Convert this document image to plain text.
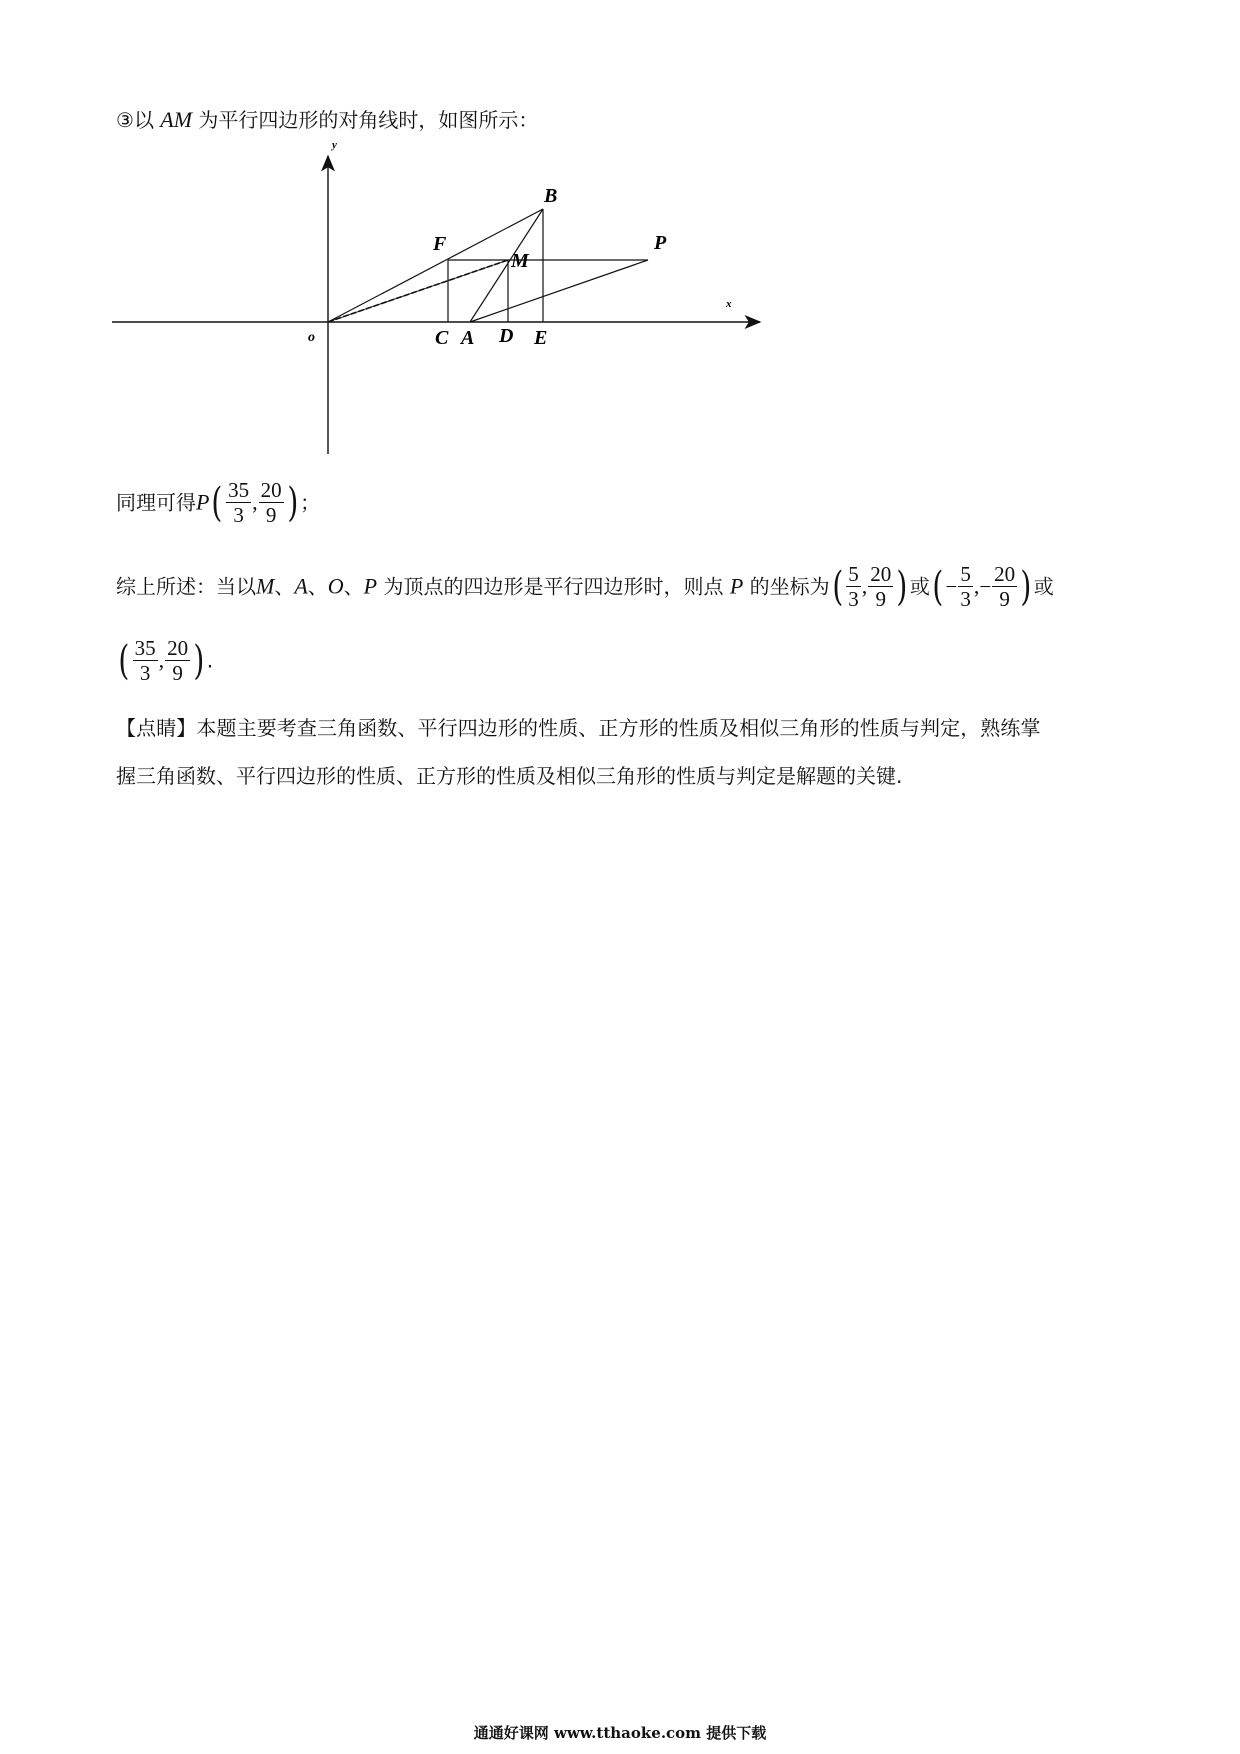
③以 AM 为平行四边形的对角线时，如图所示：
x
y
o
B
F
M
P
C A D E
同理可得$P( \frac{35}{3}$ , $\frac{20}{9}$ ) ；
综上所述：当以M、A、O、P 为顶点的四边形是平行四边形时，则点 P 的坐标为( $\frac{5}{3}$ , $\frac{20}{9}$ ) 或( − $\frac{5}{3}$ ,− $\frac{20}{9}$ ) 或
( $\frac{35}{3}$ , $\frac{20}{9}$ ) .
【点睛】本题主要考查三角函数、平行四边形的性质、正方形的性质及相似三角形的性质与判定，熟练掌
握三角函数、平行四边形的性质、正方形的性质及相似三角形的性质与判定是解题的关键.
通通好课网 www.tthaoke.com 提供下载
